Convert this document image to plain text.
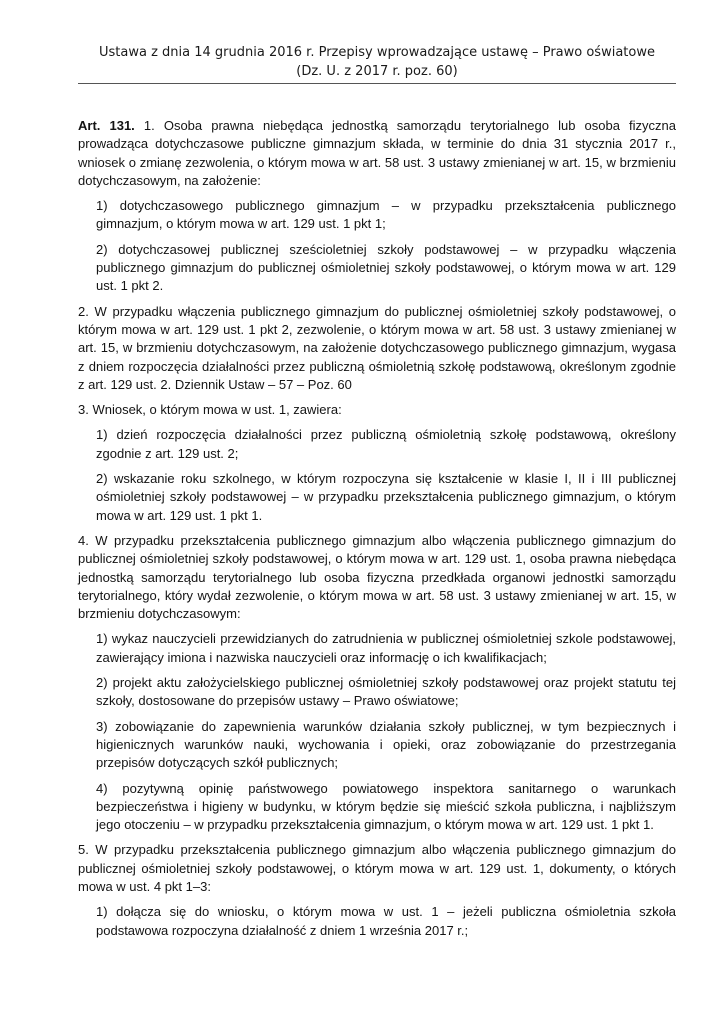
Ustawa z dnia 14 grudnia 2016 r. Przepisy wprowadzające ustawę – Prawo oświatowe
(Dz. U. z 2017 r. poz. 60)

Art. 131. 1. Osoba prawna niebędąca jednostką samorządu terytorialnego lub osoba fizyczna prowadząca dotychczasowe publiczne gimnazjum składa, w terminie do dnia 31 stycznia 2017 r., wniosek o zmianę zezwolenia, o którym mowa w art. 58 ust. 3 ustawy zmienianej w art. 15, w brzmieniu dotychczasowym, na założenie:

1) dotychczasowego publicznego gimnazjum – w przypadku przekształcenia publicznego gimnazjum, o którym mowa w art. 129 ust. 1 pkt 1;

2) dotychczasowej publicznej sześcioletniej szkoły podstawowej – w przypadku włączenia publicznego gimnazjum do publicznej ośmioletniej szkoły podstawowej, o którym mowa w art. 129 ust. 1 pkt 2.

2. W przypadku włączenia publicznego gimnazjum do publicznej ośmioletniej szkoły podstawowej, o którym mowa w art. 129 ust. 1 pkt 2, zezwolenie, o którym mowa w art. 58 ust. 3 ustawy zmienianej w art. 15, w brzmieniu dotychczasowym, na założenie dotychczasowego publicznego gimnazjum, wygasa z dniem rozpoczęcia działalności przez publiczną ośmioletnią szkołę podstawową, określonym zgodnie z art. 129 ust. 2. Dziennik Ustaw – 57 – Poz. 60

3. Wniosek, o którym mowa w ust. 1, zawiera:

1) dzień rozpoczęcia działalności przez publiczną ośmioletnią szkołę podstawową, określony zgodnie z art. 129 ust. 2;

2) wskazanie roku szkolnego, w którym rozpoczyna się kształcenie w klasie I, II i III publicznej ośmioletniej szkoły podstawowej – w przypadku przekształcenia publicznego gimnazjum, o którym mowa w art. 129 ust. 1 pkt 1.

4. W przypadku przekształcenia publicznego gimnazjum albo włączenia publicznego gimnazjum do publicznej ośmioletniej szkoły podstawowej, o którym mowa w art. 129 ust. 1, osoba prawna niebędąca jednostką samorządu terytorialnego lub osoba fizyczna przedkłada organowi jednostki samorządu terytorialnego, który wydał zezwolenie, o którym mowa w art. 58 ust. 3 ustawy zmienianej w art. 15, w brzmieniu dotychczasowym:

1) wykaz nauczycieli przewidzianych do zatrudnienia w publicznej ośmioletniej szkole podstawowej, zawierający imiona i nazwiska nauczycieli oraz informację o ich kwalifikacjach;

2) projekt aktu założycielskiego publicznej ośmioletniej szkoły podstawowej oraz projekt statutu tej szkoły, dostosowane do przepisów ustawy – Prawo oświatowe;

3) zobowiązanie do zapewnienia warunków działania szkoły publicznej, w tym bezpiecznych i higienicznych warunków nauki, wychowania i opieki, oraz zobowiązanie do przestrzegania przepisów dotyczących szkół publicznych;

4) pozytywną opinię państwowego powiatowego inspektora sanitarnego o warunkach bezpieczeństwa i higieny w budynku, w którym będzie się mieścić szkoła publiczna, i najbliższym jego otoczeniu – w przypadku przekształcenia gimnazjum, o którym mowa w art. 129 ust. 1 pkt 1.

5. W przypadku przekształcenia publicznego gimnazjum albo włączenia publicznego gimnazjum do publicznej ośmioletniej szkoły podstawowej, o którym mowa w art. 129 ust. 1, dokumenty, o których mowa w ust. 4 pkt 1–3:

1) dołącza się do wniosku, o którym mowa w ust. 1 – jeżeli publiczna ośmioletnia szkoła podstawowa rozpoczyna działalność z dniem 1 września 2017 r.;
